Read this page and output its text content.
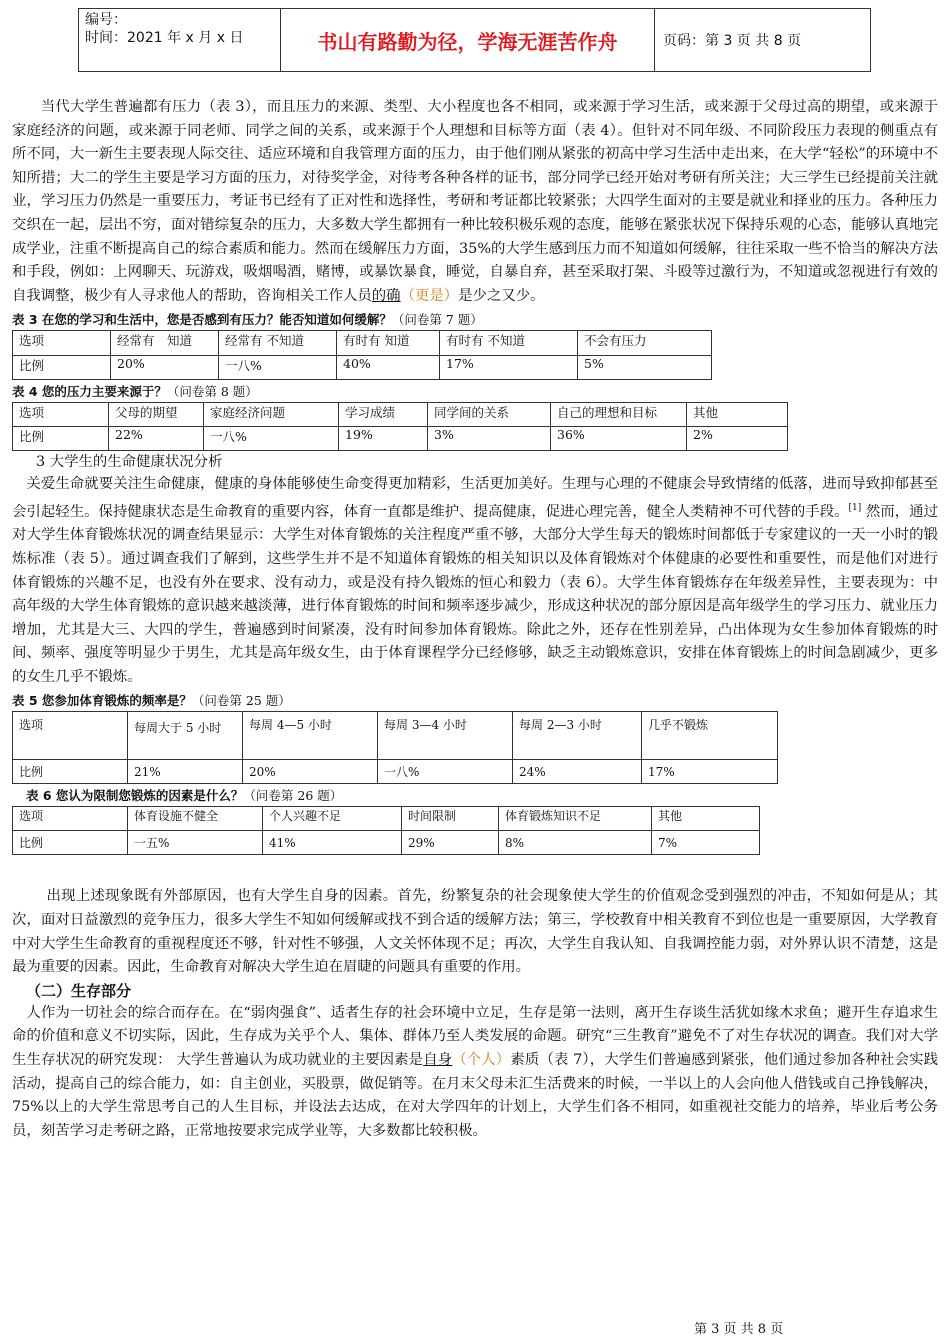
编号：
时间：2021 年 x 月 x 日	书山有路勤为径，学海无涯苦作舟	页码：第 3 页 共 8 页

当代大学生普遍都有压力（表 3），而且压力的来源、类型、大小程度也各不相同，或来源于学习生活，或来源于父母过高的期望，或来源于家庭经济的问题，或来源于同老师、同学之间的关系，或来源于个人理想和目标等方面（表 4）。但针对不同年级、不同阶段压力表现的侧重点有所不同，大一新生主要表现人际交往、适应环境和自我管理方面的压力，由于他们刚从紧张的初高中学习生活中走出来，在大学“轻松”的环境中不知所措；大二的学生主要是学习方面的压力，对待奖学金，对待考各种各样的证书，部分同学已经开始对考研有所关注；大三学生已经提前关注就业，学习压力仍然是一重要压力，考证书已经有了正对性和选择性，考研和考证都比较紧张；大四学生面对的主要是就业和择业的压力。各种压力交织在一起，层出不穷，面对错综复杂的压力，大多数大学生都拥有一种比较积极乐观的态度，能够在紧张状况下保持乐观的心态，能够认真地完成学业，注重不断提高自己的综合素质和能力。然而在缓解压力方面，35%的大学生感到压力而不知道如何缓解，往往采取一些不恰当的解决方法和手段，例如：上网聊天、玩游戏，吸烟喝酒，赌博，或暴饮暴食，睡觉，自暴自弃，甚至采取打架、斗殴等过激行为，不知道或忽视进行有效的自我调整，极少有人寻求他人的帮助，咨询相关工作人员的确（更是）是少之又少。

表 3 在您的学习和生活中，您是否感到有压力？能否知道如何缓解？（问卷第 7 题）

选项	经常有　知道	经常有 不知道	有时有 知道	有时有 不知道	不会有压力
比例	20%	一八%	40%	17%	5%

表 4 您的压力主要来源于？（问卷第 8 题）

选项	父母的期望	家庭经济问题	学习成绩	同学间的关系	自己的理想和目标	其他
比例	22%	一八%	19%	3%	36%	2%

3 大学生的生命健康状况分析

关爱生命就要关注生命健康，健康的身体能够使生命变得更加精彩，生活更加美好。生理与心理的不健康会导致情绪的低落，进而导致抑郁甚至会引起轻生。保持健康状态是生命教育的重要内容，体育一直都是维护、提高健康，促进心理完善，健全人类精神不可代替的手段。[1] 然而，通过对大学生体育锻炼状况的调查结果显示：大学生对体育锻炼的关注程度严重不够，大部分大学生每天的锻炼时间都低于专家建议的一天一小时的锻炼标准（表 5）。通过调查我们了解到，这些学生并不是不知道体育锻炼的相关知识以及体育锻炼对个体健康的必要性和重要性，而是他们对进行体育锻炼的兴趣不足，也没有外在要求、没有动力，或是没有持久锻炼的恒心和毅力（表 6）。大学生体育锻炼存在年级差异性，主要表现为：中高年级的大学生体育锻炼的意识越来越淡薄，进行体育锻炼的时间和频率逐步减少，形成这种状况的部分原因是高年级学生的学习压力、就业压力增加，尤其是大三、大四的学生，普遍感到时间紧凑，没有时间参加体育锻炼。除此之外，还存在性别差异，凸出体现为女生参加体育锻炼的时间、频率、强度等明显少于男生，尤其是高年级女生，由于体育课程学分已经修够，缺乏主动锻炼意识，安排在体育锻炼上的时间急剧减少，更多的女生几乎不锻炼。

表 5 您参加体育锻炼的频率是？（问卷第 25 题）

选项	每周大于 5 小时	每周 4—5 小时	每周 3—4 小时	每周 2—3 小时	几乎不锻炼
比例	21%	20%	一八%	24%	17%

表 6 您认为限制您锻炼的因素是什么？（问卷第 26 题）

选项	体育设施不健全	个人兴趣不足	时间限制	体育锻炼知识不足	其他
比例	一五%	41%	29%	8%	7%

出现上述现象既有外部原因，也有大学生自身的因素。首先，纷繁复杂的社会现象使大学生的价值观念受到强烈的冲击，不知如何是从；其次，面对日益激烈的竞争压力，很多大学生不知如何缓解或找不到合适的缓解方法；第三，学校教育中相关教育不到位也是一重要原因，大学教育中对大学生生命教育的重视程度还不够，针对性不够强，人文关怀体现不足；再次，大学生自我认知、自我调控能力弱，对外界认识不清楚，这是最为重要的因素。因此，生命教育对解决大学生迫在眉睫的问题具有重要的作用。

（二）生存部分

人作为一切社会的综合而存在。在“弱肉强食”、适者生存的社会环境中立足，生存是第一法则，离开生存谈生活犹如缘木求鱼；避开生存追求生命的价值和意义不切实际，因此，生存成为关乎个人、集体、群体乃至人类发展的命题。研究“三生教育”避免不了对生存状况的调查。我们对大学生生存状况的研究发现： 大学生普遍认为成功就业的主要因素是自身（个人）素质（表 7），大学生们普遍感到紧张，他们通过参加各种社会实践活动，提高自己的综合能力，如：自主创业，买股票，做促销等。在月末父母未汇生活费来的时候，一半以上的人会向他人借钱或自己挣钱解决，75%以上的大学生常思考自己的人生目标，并设法去达成，在对大学四年的计划上，大学生们各不相同，如重视社交能力的培养，毕业后考公务员，刻苦学习走考研之路，正常地按要求完成学业等，大多数都比较积极。

第 3 页 共 8 页
